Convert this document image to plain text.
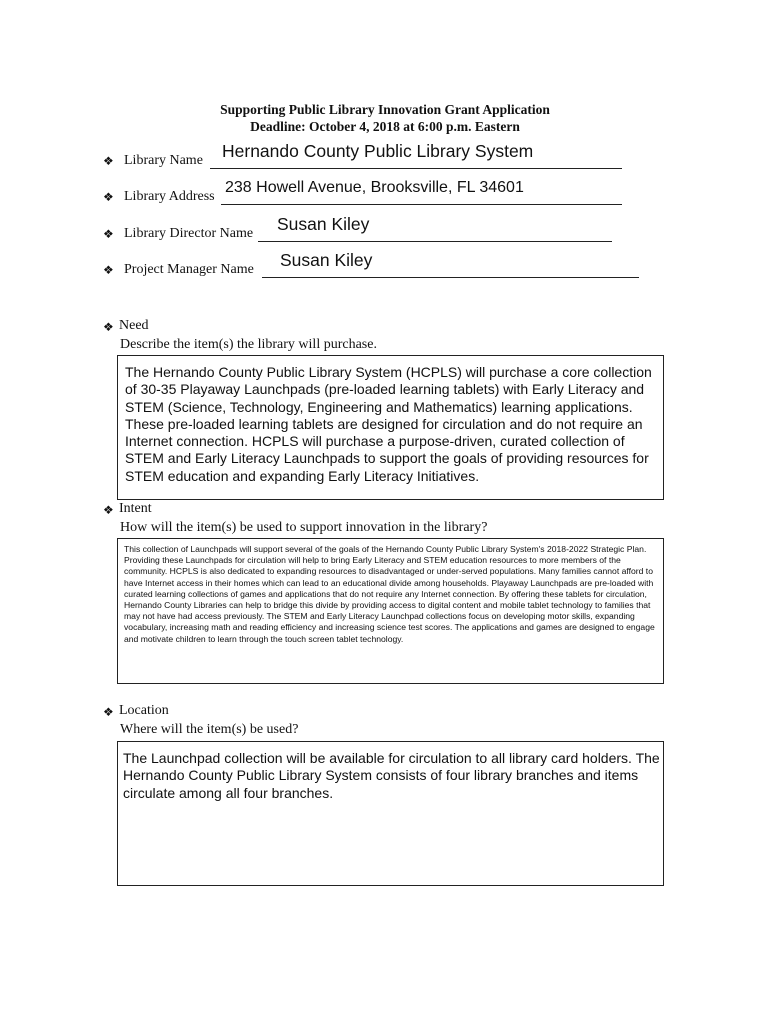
Supporting Public Library Innovation Grant Application
Deadline: October 4, 2018 at 6:00 p.m. Eastern
❖ Library Name Hernando County Public Library System
❖ Library Address
238 Howell Avenue, Brooksville, FL 34601
❖ Library Director Name Susan Kiley
❖ Project Manager Name Susan Kiley
❖ Need
Describe the item(s) the library will purchase.
The Hernando County Public Library System (HCPLS) will purchase a core collection of 30-35 Playaway Launchpads (pre-loaded learning tablets) with Early Literacy and STEM (Science, Technology, Engineering and Mathematics) learning applications. These pre-loaded learning tablets are designed for circulation and do not require an Internet connection. HCPLS will purchase a purpose-driven, curated collection of STEM and Early Literacy Launchpads to support the goals of providing resources for STEM education and expanding Early Literacy Initiatives.
❖ Intent
How will the item(s) be used to support innovation in the library?
This collection of Launchpads will support several of the goals of the Hernando County Public Library System's 2018-2022 Strategic Plan. Providing these Launchpads for circulation will help to bring Early Literacy and STEM education resources to more members of the community. HCPLS is also dedicated to expanding resources to disadvantaged or under-served populations. Many families cannot afford to have Internet access in their homes which can lead to an educational divide among households. Playaway Launchpads are pre-loaded with curated learning collections of games and applications that do not require any Internet connection. By offering these tablets for circulation, Hernando County Libraries can help to bridge this divide by providing access to digital content and mobile tablet technology to families that may not have had access previously. The STEM and Early Literacy Launchpad collections focus on developing motor skills, expanding vocabulary, increasing math and reading efficiency and increasing science test scores. The applications and games are designed to engage and motivate children to learn through the touch screen tablet technology.
❖ Location
Where will the item(s) be used?
The Launchpad collection will be available for circulation to all library card holders. The Hernando County Public Library System consists of four library branches and items circulate among all four branches.
